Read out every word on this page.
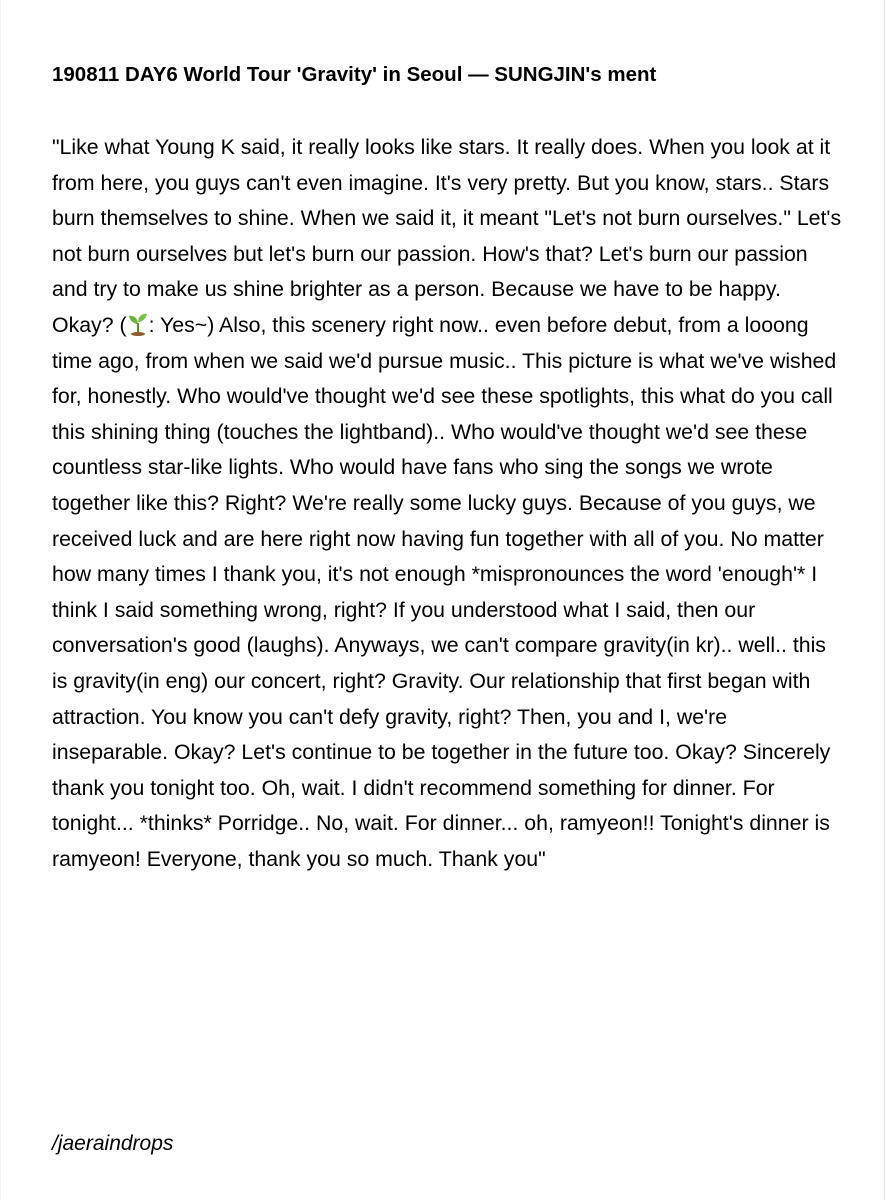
190811 DAY6 World Tour 'Gravity' in Seoul — SUNGJIN's ment

"Like what Young K said, it really looks like stars. It really does. When you look at it from here, you guys can't even imagine. It's very pretty. But you know, stars.. Stars burn themselves to shine. When we said it, it meant "Let's not burn ourselves." Let's not burn ourselves but let's burn our passion. How's that? Let's burn our passion and try to make us shine brighter as a person. Because we have to be happy. Okay? ( : Yes~) Also, this scenery right now.. even before debut, from a looong time ago, from when we said we'd pursue music.. This picture is what we've wished for, honestly. Who would've thought we'd see these spotlights, this what do you call this shining thing (touches the lightband).. Who would've thought we'd see these countless star-like lights. Who would have fans who sing the songs we wrote together like this? Right? We're really some lucky guys. Because of you guys, we received luck and are here right now having fun together with all of you. No matter how many times I thank you, it's not enough *mispronounces the word 'enough'* I think I said something wrong, right? If you understood what I said, then our conversation's good (laughs). Anyways, we can't compare gravity(in kr).. well.. this is gravity(in eng) our concert, right? Gravity. Our relationship that first began with attraction. You know you can't defy gravity, right? Then, you and I, we're inseparable. Okay? Let's continue to be together in the future too. Okay? Sincerely thank you tonight too. Oh, wait. I didn't recommend something for dinner. For tonight... *thinks* Porridge.. No, wait. For dinner... oh, ramyeon!! Tonight's dinner is ramyeon! Everyone, thank you so much. Thank you"

/jaeraindrops
